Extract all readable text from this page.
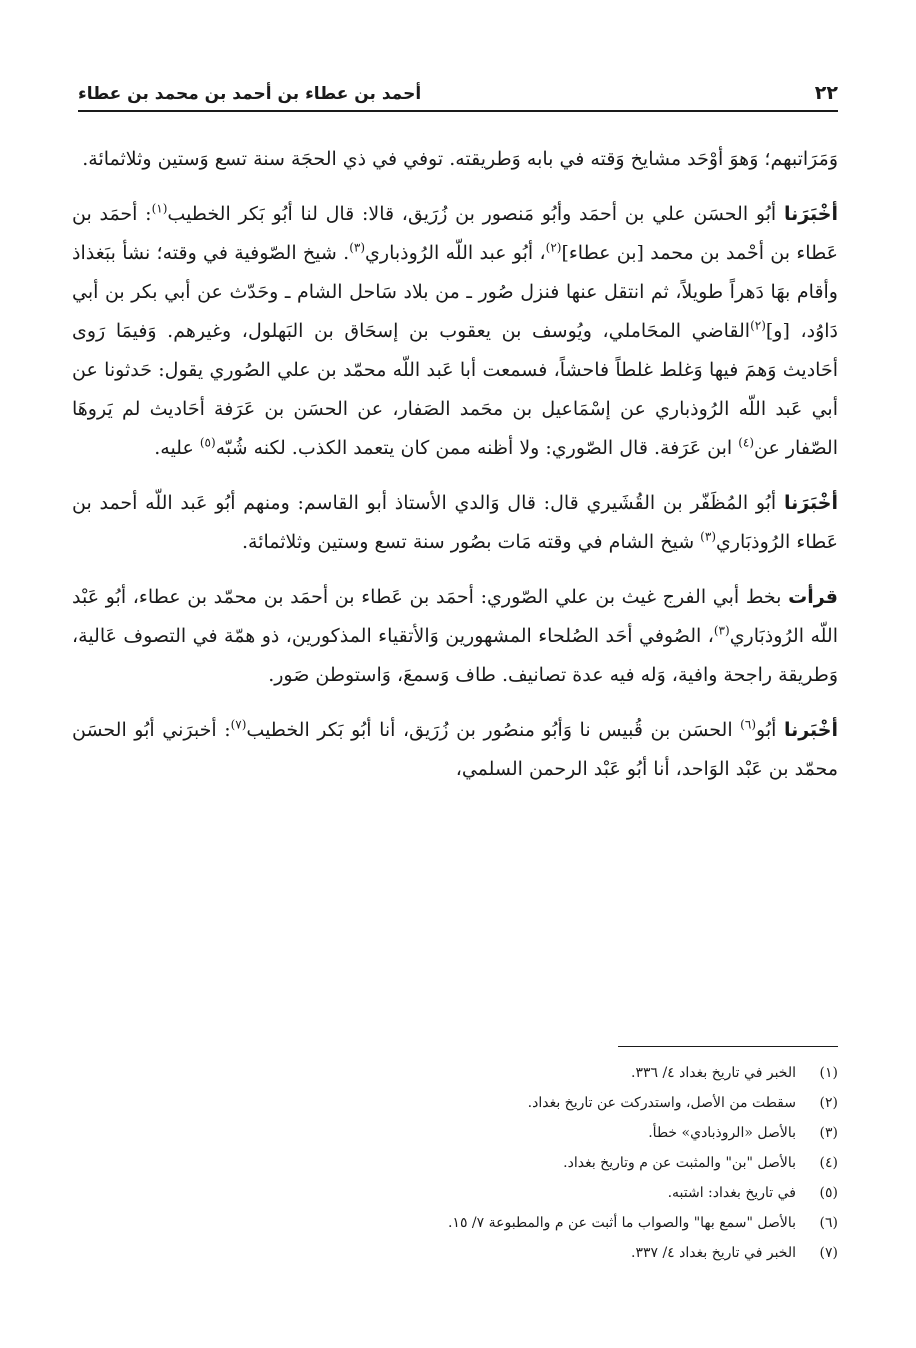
٢٢
أحمد بن عطاء بن أحمد بن محمد بن عطاء

وَمَرَاتبهم؛ وَهوَ أوْحَد مشايخ وَقته في بابه وَطريقته. توفي في ذي الحجَة سنة تسع وَستين وثلاثمائة.

أخْبَرَنا أبُو الحسَن علي بن أحمَد وأبُو مَنصور بن زُرَيق، قالا: قال لنا أبُو بَكر الخطيب$^{(١)}$: أحمَد بن عَطاء بن أحْمد بن محمد [بن عطاء]$^{(٢)}$، أبُو عبد اللّه الرُوذباري$^{(٣)}$. شيخ الصّوفية في وقته؛ نشأ ببَغذاذ وأقام بهَا دَهراً طويلاً، ثم انتقل عنها فنزل صُور ـ من بلاد سَاحل الشام ـ وحَدّث عن أبي بكر بن أبي دَاوُد، [و]$^{(٢)}$القاضي المحَاملي، ويُوسف بن يعقوب بن إسحَاق بن البَهلول، وغيرهم. وَفيمَا رَوى أحَاديث وَهمَ فيها وَغلط غلطاً فاحشاً، فسمعت أبا عَبد اللّه محمّد بن علي الصُوري يقول: حَدثونا عن أبي عَبد اللّه الرُوذباري عن إسْمَاعيل بن محَمد الصَفار، عن الحسَن بن عَرَفة أحَاديث لم يَروهَا الصّفار عن$^{(٤)}$ ابن عَرَفة. قال الصّوري: ولا أظنه ممن كان يتعمد الكذب. لكنه شُبّه$^{(٥)}$ عليه.

أخْبَرَنا أبُو المُظَفّر بن القُشَيري قال: قال وَالدي الأستاذ أبو القاسم: ومنهم أبُو عَبد اللّه أحمد بن عَطاء الرُوذبَاري$^{(٣)}$ شيخ الشام في وقته مَات بصُور سنة تسع وستين وثلاثمائة.

قرأت بخط أبي الفرج غيث بن علي الصّوري: أحمَد بن عَطاء بن أحمَد بن محمّد بن عطاء، أبُو عَبْد اللّه الرُوذبَاري$^{(٣)}$، الصُوفي أحَد الصُلحاء المشهورين وَالأتقياء المذكورين، ذو همّة في التصوف عَالية، وَطريقة راجحة وافية، وَله فيه عدة تصانيف. طاف وَسمعَ، وَاستوطن صَور.

أخْبَرنا أبُو$^{(٦)}$ الحسَن بن قُبيس نا وَأبُو منصُور بن زُرَيق، أنا أبُو بَكر الخطيب$^{(٧)}$: أخبرَني أبُو الحسَن محمّد بن عَبْد الوَاحد، أنا أبُو عَبْد الرحمن السلمي،

(١)
الخبر في تاريخ بغداد ٤/ ٣٣٦.
(٢)
سقطت من الأصل، واستدركت عن تاريخ بغداد.
(٣)
بالأصل «الروذبادي» خطأ.
(٤)
بالأصل "بن" والمثبت عن م وتاريخ بغداد.
(٥)
في تاريخ بغداد: اشتبه.
(٦)
بالأصل "سمع بها" والصواب ما أثبت عن م والمطبوعة ٧/ ١٥.
(٧)
الخبر في تاريخ بغداد ٤/ ٣٣٧.
